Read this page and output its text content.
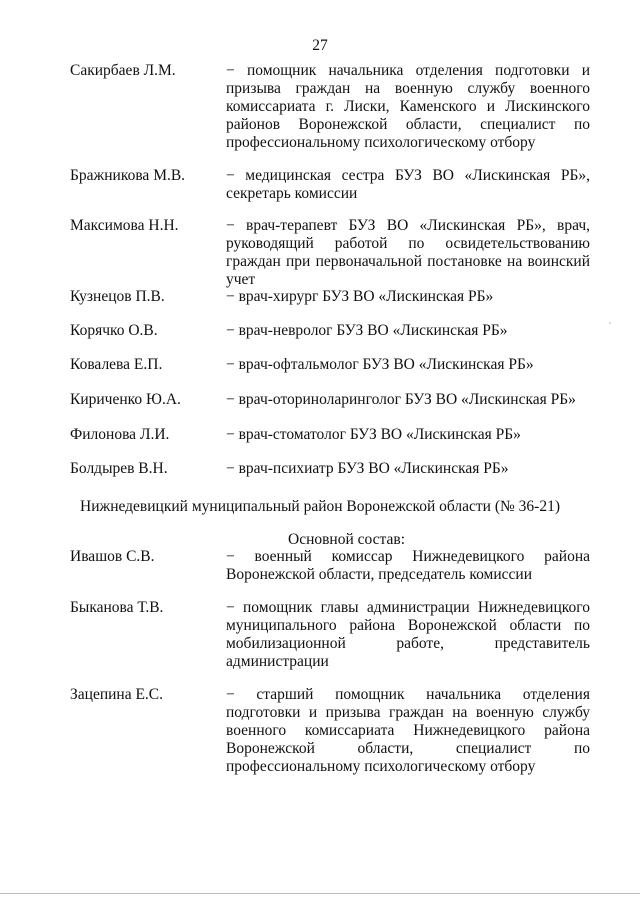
27
Сакирбаев Л.М.	− помощник начальника отделения подготовки и призыва граждан на военную службу военного комиссариата г. Лиски, Каменского и Лискинского районов Воронежской области, специалист по профессиональному психологическому отбору
Бражникова М.В.	− медицинская сестра БУЗ ВО «Лискинская РБ», секретарь комиссии
Максимова Н.Н.	− врач-терапевт БУЗ ВО «Лискинская РБ», врач, руководящий работой по освидетельствованию граждан при первоначальной постановке на воинский учет
Кузнецов П.В.	− врач-хирург БУЗ ВО «Лискинская РБ»
Корячко О.В.	− врач-невролог БУЗ ВО «Лискинская РБ»
Ковалева Е.П.	− врач-офтальмолог БУЗ ВО «Лискинская РБ»
Кириченко Ю.А.	− врач-оториноларинголог БУЗ ВО «Лискинская РБ»
Филонова Л.И.	− врач-стоматолог БУЗ ВО «Лискинская РБ»
Болдырев В.Н.	− врач-психиатр БУЗ ВО «Лискинская РБ»
Нижнедевицкий муниципальный район Воронежской области (№ 36-21)
Основной состав:
Ивашов С.В.	− военный комиссар Нижнедевицкого района Воронежской области, председатель комиссии
Быканова Т.В.	− помощник главы администрации Нижнедевицкого муниципального района Воронежской области по мобилизационной работе, представитель администрации
Зацепина Е.С.	− старший помощник начальника отделения подготовки и призыва граждан на военную службу военного комиссариата Нижнедевицкого района Воронежской области, специалист по профессиональному психологическому отбору
